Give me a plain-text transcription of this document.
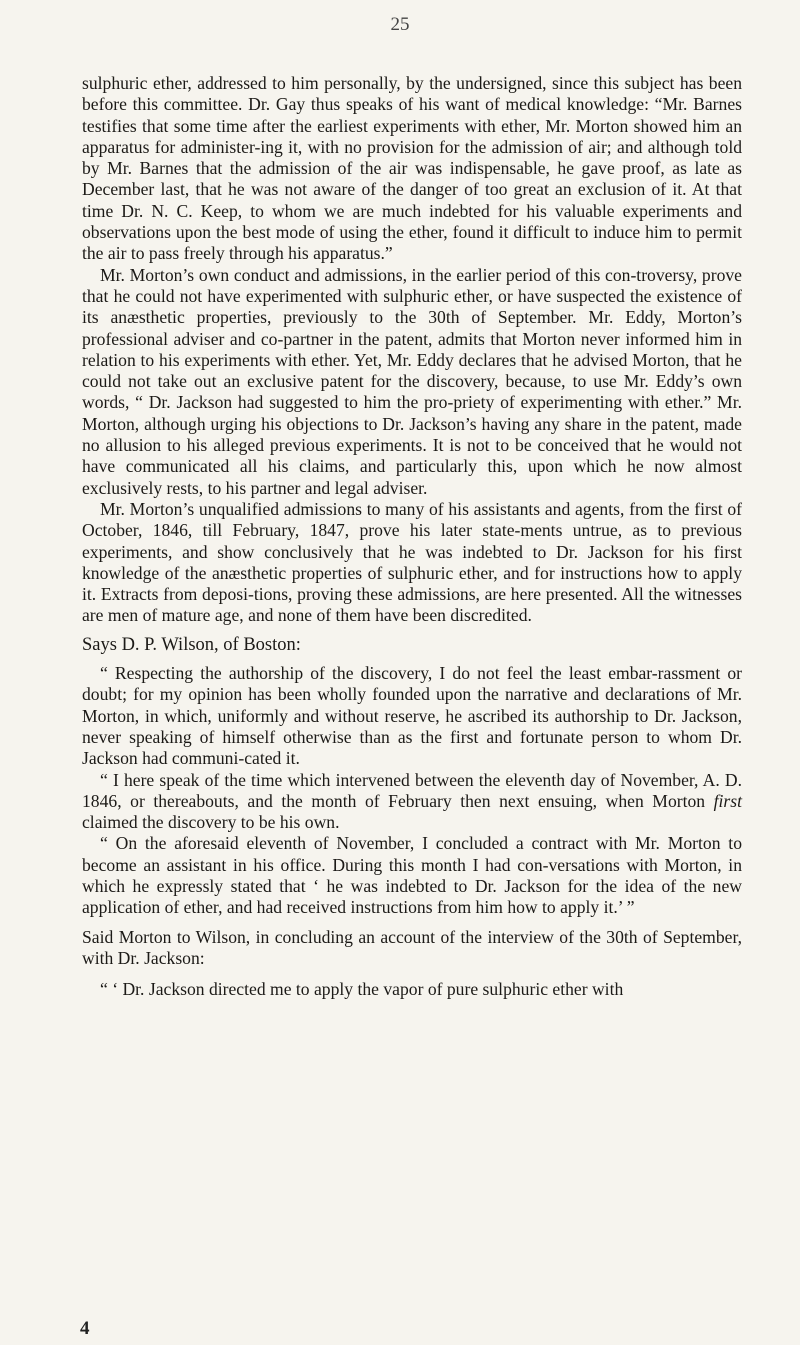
25

sulphuric ether, addressed to him personally, by the undersigned, since this subject has been before this committee. Dr. Gay thus speaks of his want of medical knowledge: “Mr. Barnes testifies that some time after the earliest experiments with ether, Mr. Morton showed him an apparatus for administer-ing it, with no provision for the admission of air; and although told by Mr. Barnes that the admission of the air was indispensable, he gave proof, as late as December last, that he was not aware of the danger of too great an exclusion of it. At that time Dr. N. C. Keep, to whom we are much indebted for his valuable experiments and observations upon the best mode of using the ether, found it difficult to induce him to permit the air to pass freely through his apparatus.”

Mr. Morton’s own conduct and admissions, in the earlier period of this con-troversy, prove that he could not have experimented with sulphuric ether, or have suspected the existence of its anæsthetic properties, previously to the 30th of September. Mr. Eddy, Morton’s professional adviser and co-partner in the patent, admits that Morton never informed him in relation to his experiments with ether. Yet, Mr. Eddy declares that he advised Morton, that he could not take out an exclusive patent for the discovery, because, to use Mr. Eddy’s own words, “ Dr. Jackson had suggested to him the pro-priety of experimenting with ether.” Mr. Morton, although urging his objections to Dr. Jackson’s having any share in the patent, made no allusion to his alleged previous experiments. It is not to be conceived that he would not have communicated all his claims, and particularly this, upon which he now almost exclusively rests, to his partner and legal adviser.

Mr. Morton’s unqualified admissions to many of his assistants and agents, from the first of October, 1846, till February, 1847, prove his later state-ments untrue, as to previous experiments, and show conclusively that he was indebted to Dr. Jackson for his first knowledge of the anæsthetic properties of sulphuric ether, and for instructions how to apply it. Extracts from deposi-tions, proving these admissions, are here presented. All the witnesses are men of mature age, and none of them have been discredited.

Says D. P. Wilson, of Boston:

“ Respecting the authorship of the discovery, I do not feel the least embar-rassment or doubt; for my opinion has been wholly founded upon the narrative and declarations of Mr. Morton, in which, uniformly and without reserve, he ascribed its authorship to Dr. Jackson, never speaking of himself otherwise than as the first and fortunate person to whom Dr. Jackson had communi-cated it.

“ I here speak of the time which intervened between the eleventh day of November, A. D. 1846, or thereabouts, and the month of February then next ensuing, when Morton first claimed the discovery to be his own.

“ On the aforesaid eleventh of November, I concluded a contract with Mr. Morton to become an assistant in his office. During this month I had con-versations with Morton, in which he expressly stated that ‘ he was indebted to Dr. Jackson for the idea of the new application of ether, and had received instructions from him how to apply it.’ ”

Said Morton to Wilson, in concluding an account of the interview of the 30th of September, with Dr. Jackson:

“ ‘ Dr. Jackson directed me to apply the vapor of pure sulphuric ether with

4
